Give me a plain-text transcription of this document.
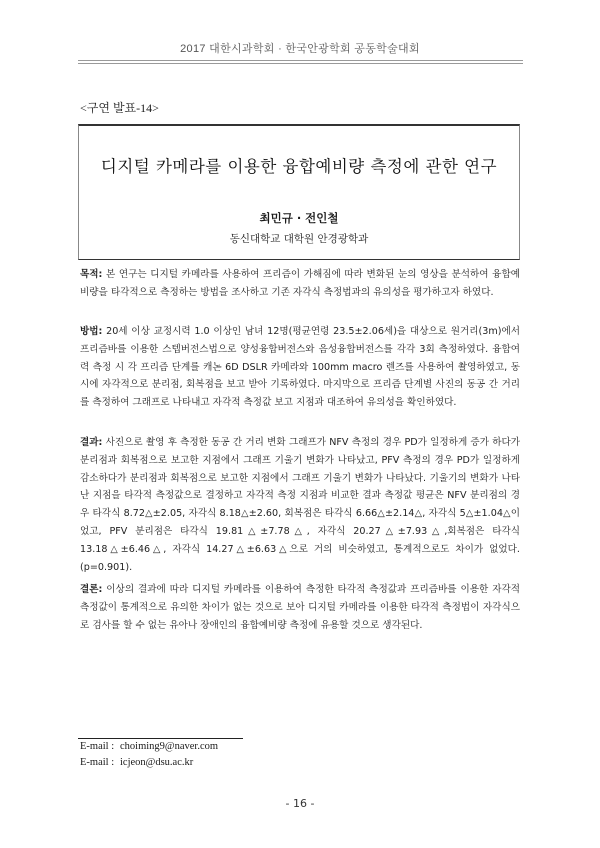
2017 대한시과학회 · 한국안광학회 공동학술대회
<구연 발표-14>
디지털 카메라를 이용한 융합예비량 측정에 관한 연구
최민규 · 전인철
동신대학교 대학원 안경광학과

목적: 본 연구는 디지털 카메라를 사용하여 프리즘이 가해짐에 따라 변화된 눈의 영상을 분석하여 융합예비량을 타각적으로 측정하는 방법을 조사하고 기존 자각식 측정법과의 유의성을 평가하고자 하였다.

방법: 20세 이상 교정시력 1.0 이상인 남녀 12명(평균연령 23.5±2.06세)을 대상으로 원거리(3m)에서 프리즘바를 이용한 스텝버전스법으로 양성융합버전스와 음성융합버전스를 각각 3회 측정하였다. 융합여력 측정 시 각 프리즘 단계를 캐논 6D DSLR 카메라와 100mm macro 렌즈를 사용하여 촬영하였고, 동시에 자각적으로 분리점, 회복점을 보고 받아 기록하였다. 마지막으로 프리즘 단계별 사진의 동공 간 거리를 측정하여 그래프로 나타내고 자각적 측정값 보고 지점과 대조하여 유의성을 확인하였다.

결과: 사진으로 촬영 후 측정한 동공 간 거리 변화 그래프가 NFV 측정의 경우 PD가 일정하게 증가 하다가 분리점과 회복점으로 보고한 지점에서 그래프 기울기 변화가 나타났고, PFV 측정의 경우 PD가 일정하게 감소하다가 분리점과 회복점으로 보고한 지점에서 그래프 기울기 변화가 나타났다. 기울기의 변화가 나타난 지점을 타각적 측정값으로 결정하고 자각적 측정 지점과 비교한 결과 측정값 평균은 NFV 분리점의 경우 타각식 8.72△±2.05, 자각식 8.18△±2.60, 회복점은 타각식 6.66△±2.14△, 자각식 5△±1.04△이었고, PFV 분리점은 타각식 19.81△±7.78△, 자각식 20.27△±7.93△,회복점은 타각식 13.18△±6.46△, 자각식 14.27△±6.63△으로 거의 비슷하였고, 통계적으로도 차이가 없었다.(p=0.901).

결론: 이상의 결과에 따라 디지털 카메라를 이용하여 측정한 타각적 측정값과 프리즘바를 이용한 자각적 측정값이 통계적으로 유의한 차이가 없는 것으로 보아 디지털 카메라를 이용한 타각적 측정법이 자각식으로 검사를 할 수 없는 유아나 장애인의 융합예비량 측정에 유용할 것으로 생각된다.

E-mail : choiming9@naver.com
E-mail : icjeon@dsu.ac.kr
- 16 -
